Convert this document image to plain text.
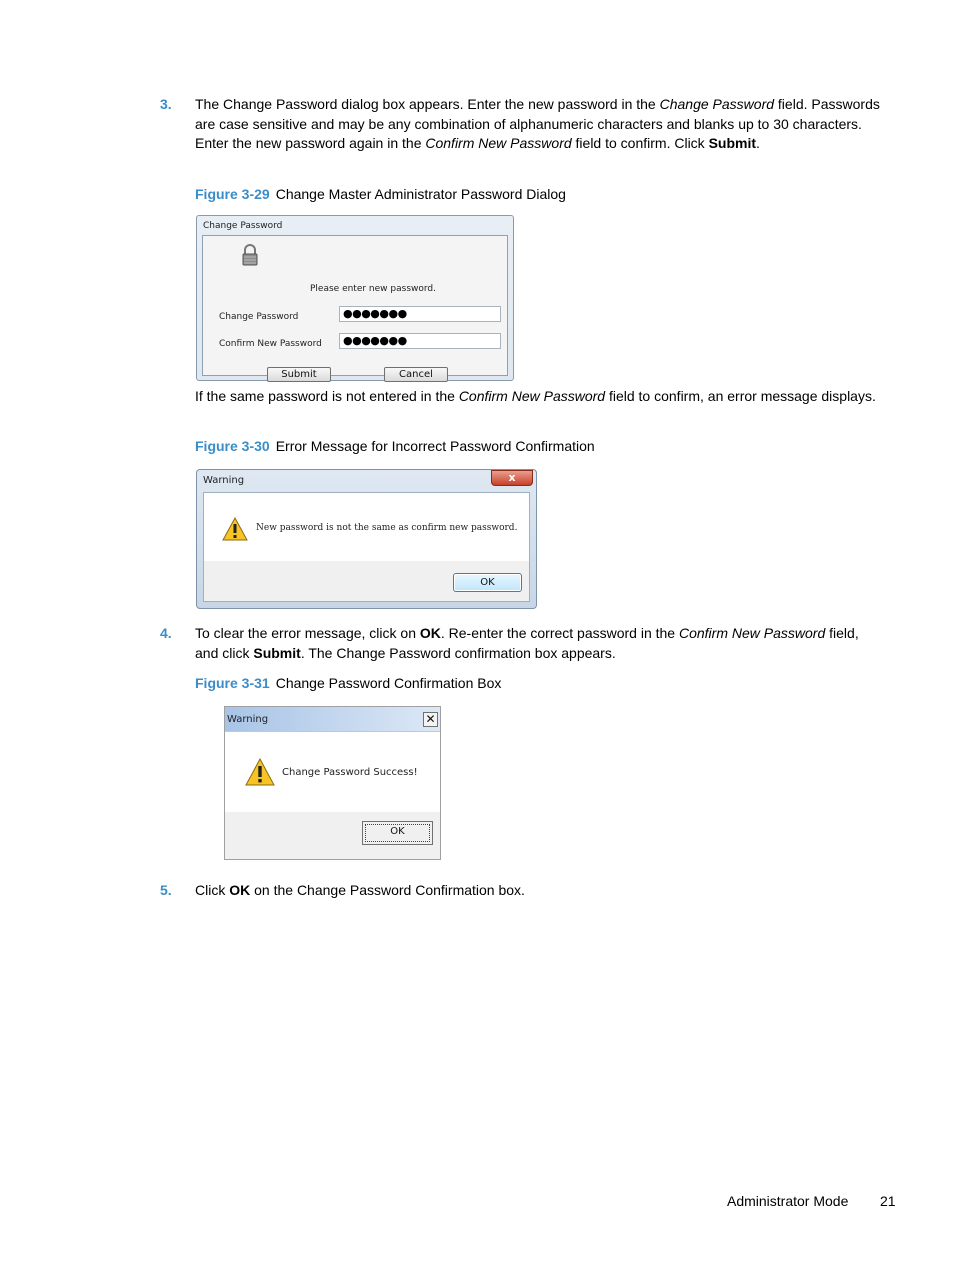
3. The Change Password dialog box appears. Enter the new password in the Change Password field. Passwords are case sensitive and may be any combination of alphanumeric characters and blanks up to 30 characters. Enter the new password again in the Confirm New Password field to confirm. Click Submit.

Figure 3-29 Change Master Administrator Password Dialog

Change Password
Please enter new password.
Change Password	●●●●●●●
Confirm New Password	●●●●●●●
Submit	Cancel

If the same password is not entered in the Confirm New Password field to confirm, an error message displays.

Figure 3-30 Error Message for Incorrect Password Confirmation

Warning	x
New password is not the same as confirm new password.
OK
4. To clear the error message, click on OK. Re-enter the correct password in the Confirm New Password field, and click Submit. The Change Password confirmation box appears.

Figure 3-31 Change Password Confirmation Box

Warning	✕
Change Password Success!
OK
5. Click OK on the Change Password Confirmation box.

Administrator Mode 21
